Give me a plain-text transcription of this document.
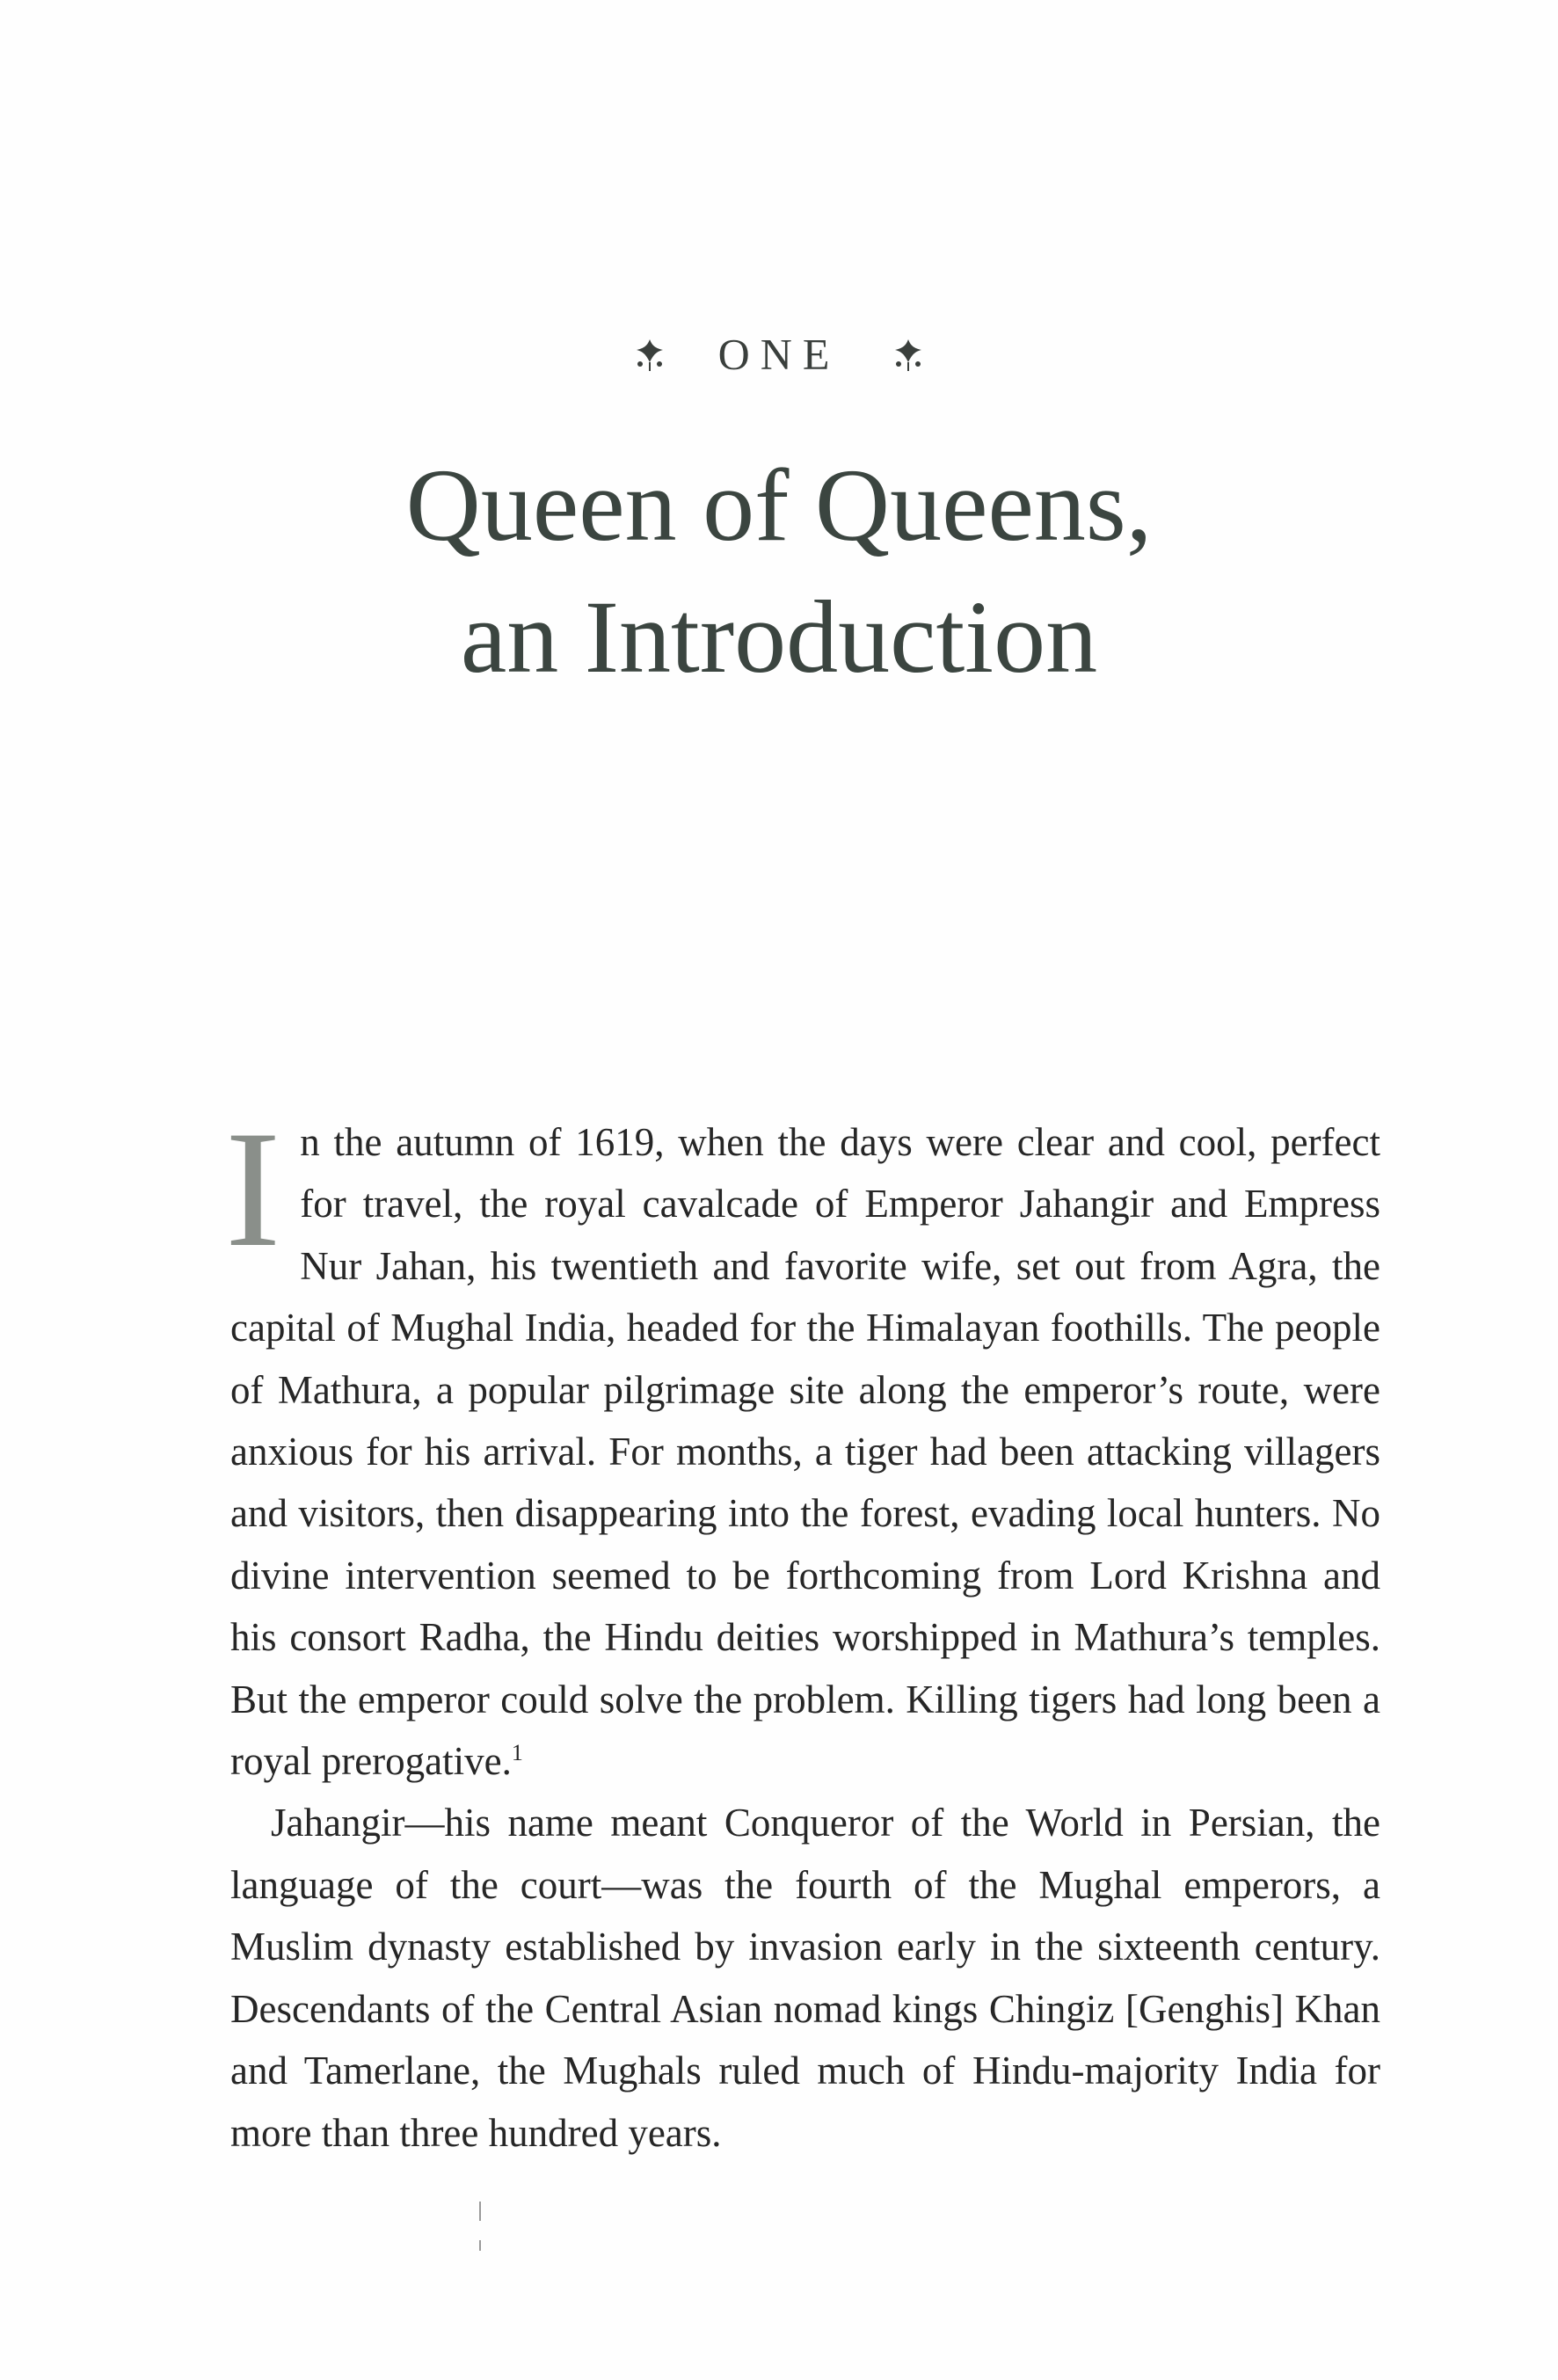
ONE
Queen of Queens,
an Introduction

In the autumn of 1619, when the days were clear and cool, perfect for travel, the royal cavalcade of Emperor Jahangir and Empress Nur Jahan, his twentieth and favorite wife, set out from Agra, the capital of Mughal India, headed for the Himalayan foothills. The people of Mathura, a popular pilgrimage site along the emperor’s route, were anxious for his arrival. For months, a tiger had been attacking villagers and visitors, then disappearing into the forest, evading local hunters. No divine intervention seemed to be forthcoming from Lord Krishna and his consort Radha, the Hindu deities worshipped in Mathura’s temples. But the emperor could solve the problem. Killing tigers had long been a royal prerogative.$^1$

Jahangir—his name meant Conqueror of the World in Persian, the language of the court—was the fourth of the Mughal emperors, a Muslim dynasty established by invasion early in the sixteenth century. Descendants of the Central Asian nomad kings Chingiz [Genghis] Khan and Tamerlane, the Mughals ruled much of Hindu-majority India for more than three hundred years.
